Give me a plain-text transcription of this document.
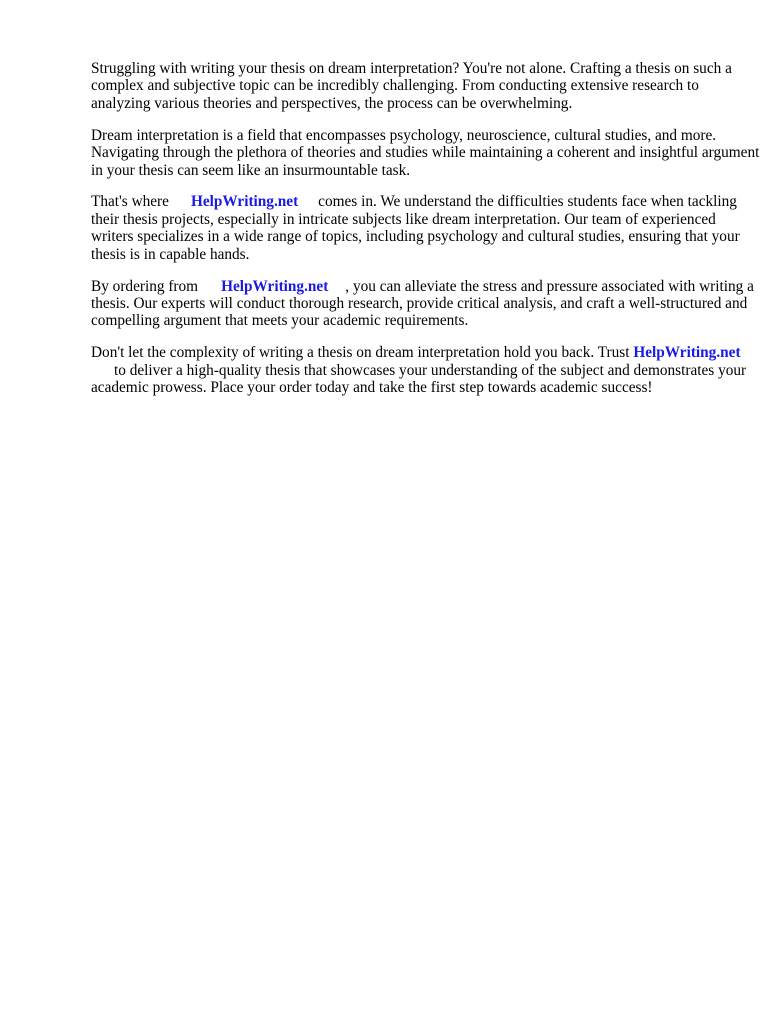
Struggling with writing your thesis on dream interpretation? You're not alone. Crafting a thesis on such a complex and subjective topic can be incredibly challenging. From conducting extensive research to analyzing various theories and perspectives, the process can be overwhelming.

Dream interpretation is a field that encompasses psychology, neuroscience, cultural studies, and more. Navigating through the plethora of theories and studies while maintaining a coherent and insightful argument in your thesis can seem like an insurmountable task.

That's where HelpWriting.net comes in. We understand the difficulties students face when tackling their thesis projects, especially in intricate subjects like dream interpretation. Our team of experienced writers specializes in a wide range of topics, including psychology and cultural studies, ensuring that your thesis is in capable hands.

By ordering from HelpWriting.net , you can alleviate the stress and pressure associated with writing a thesis. Our experts will conduct thorough research, provide critical analysis, and craft a well-structured and compelling argument that meets your academic requirements.

Don't let the complexity of writing a thesis on dream interpretation hold you back. Trust HelpWriting.netto deliver a high-quality thesis that showcases your understanding of the subject and demonstrates your academic prowess. Place your order today and take the first step towards academic success!
